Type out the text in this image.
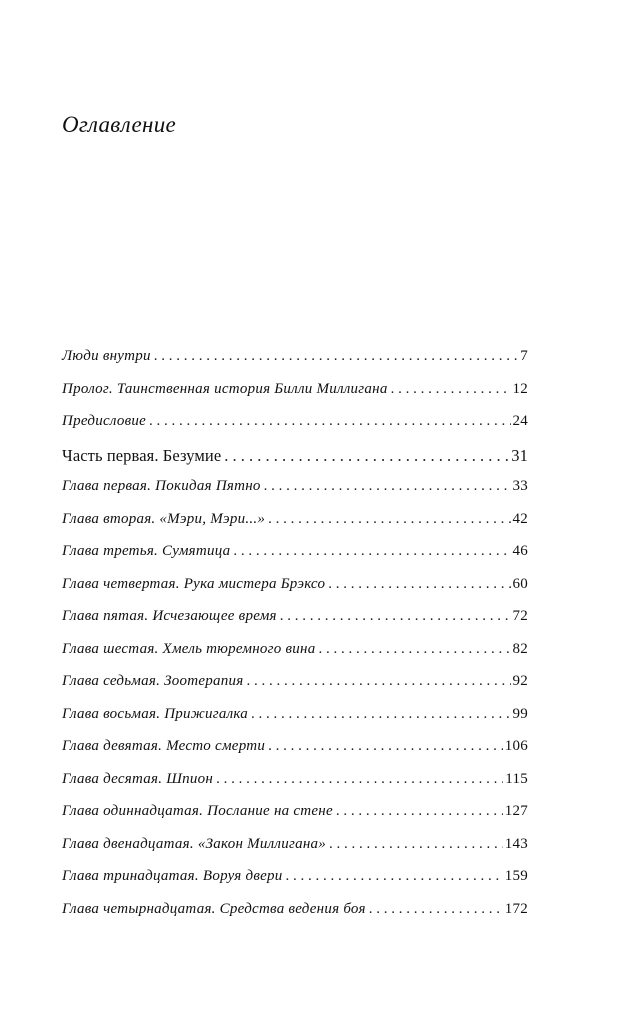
Оглавление
Люди внутри . . .	7
Пролог. Таинственная история Билли Миллигана . . .	12
Предисловие . . .	24
Часть первая. Безумие . . .	31
Глава первая. Покидая Пятно . . .	33
Глава вторая. «Мэри, Мэри...» . . .	42
Глава третья. Сумятица . . .	46
Глава четвертая. Рука мистера Брэксо . . .	60
Глава пятая. Исчезающее время . . .	72
Глава шестая. Хмель тюремного вина . . .	82
Глава седьмая. Зоотерапия . . .	92
Глава восьмая. Прижигалка . . .	99
Глава девятая. Место смерти . . .	106
Глава десятая. Шпион . . .	115
Глава одиннадцатая. Послание на стене . . .	127
Глава двенадцатая. «Закон Миллигана» . . .	143
Глава тринадцатая. Воруя двери . . .	159
Глава четырнадцатая. Средства ведения боя . . .	172
